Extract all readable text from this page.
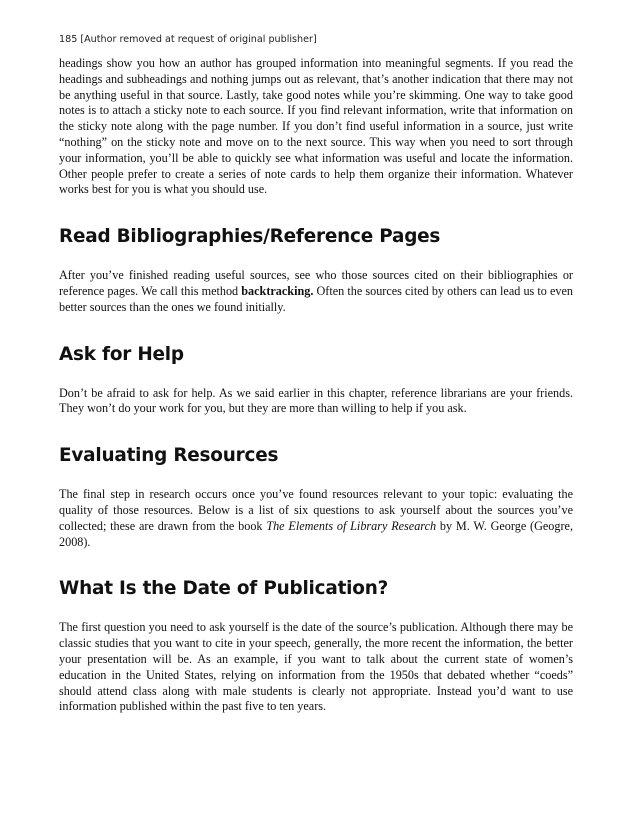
185 [Author removed at request of original publisher]

headings show you how an author has grouped information into meaningful segments. If you read the headings and subheadings and nothing jumps out as relevant, that’s another indication that there may not be anything useful in that source. Lastly, take good notes while you’re skimming. One way to take good notes is to attach a sticky note to each source. If you find relevant information, write that information on the sticky note along with the page number. If you don’t find useful information in a source, just write “nothing” on the sticky note and move on to the next source. This way when you need to sort through your information, you’ll be able to quickly see what information was useful and locate the information. Other people prefer to create a series of note cards to help them organize their information. Whatever works best for you is what you should use.

Read Bibliographies/Reference Pages

After you’ve finished reading useful sources, see who those sources cited on their bibliographies or reference pages. We call this method backtracking. Often the sources cited by others can lead us to even better sources than the ones we found initially.

Ask for Help

Don’t be afraid to ask for help. As we said earlier in this chapter, reference librarians are your friends. They won’t do your work for you, but they are more than willing to help if you ask.

Evaluating Resources

The final step in research occurs once you’ve found resources relevant to your topic: evaluating the quality of those resources. Below is a list of six questions to ask yourself about the sources you’ve collected; these are drawn from the book The Elements of Library Research by M. W. George (Geogre, 2008).

What Is the Date of Publication?

The first question you need to ask yourself is the date of the source’s publication. Although there may be classic studies that you want to cite in your speech, generally, the more recent the information, the better your presentation will be. As an example, if you want to talk about the current state of women’s education in the United States, relying on information from the 1950s that debated whether “coeds” should attend class along with male students is clearly not appropriate. Instead you’d want to use information published within the past five to ten years.
